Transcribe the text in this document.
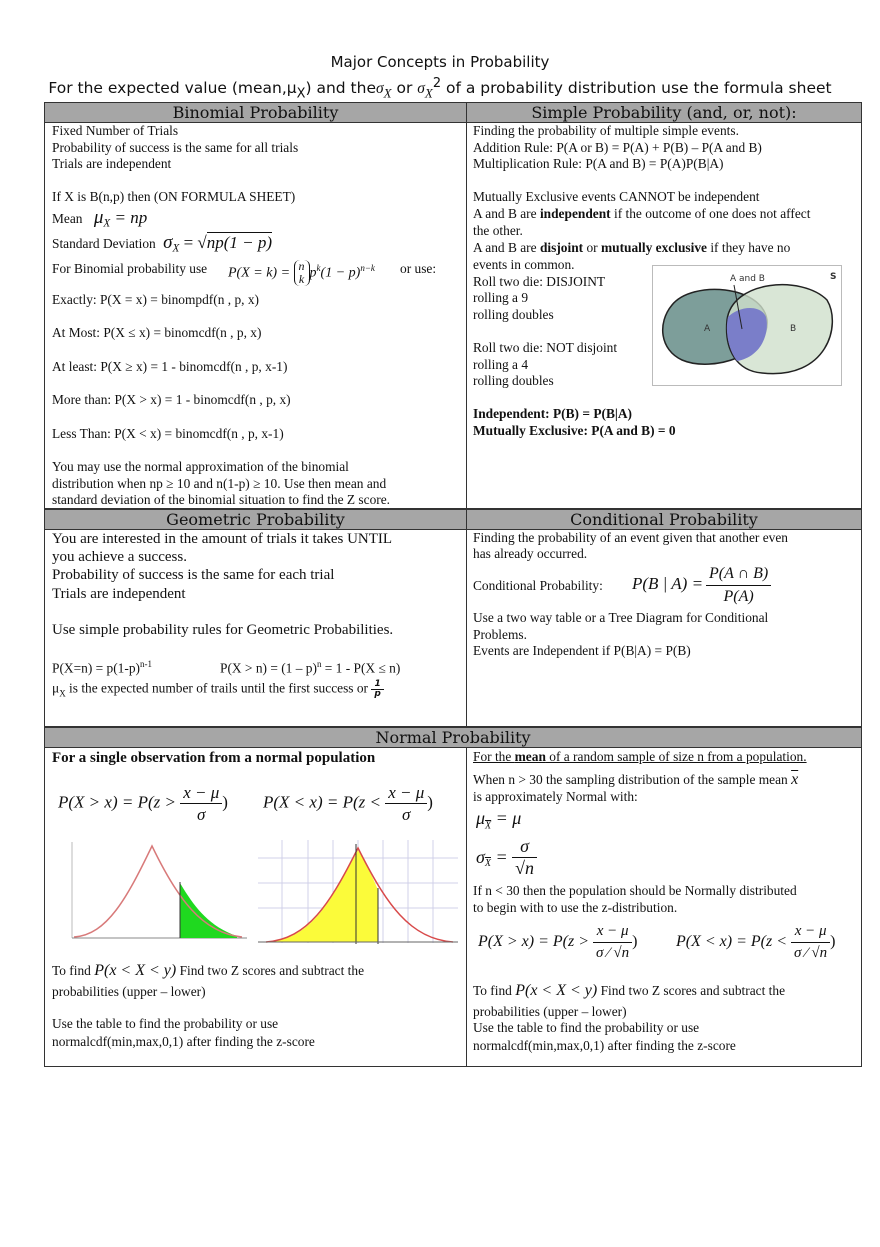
Major Concepts in Probability
For the expected value $(mean,\mu_X)$ and theσ$_X$ or $\sigma_X^2$ of a probability distribution use the formula sheet
Binomial Probability	Simple Probability (and, or, not):
Fixed Number of Trials
Probability of success is the same for all trials
Trials are independent
If X is B(n,p) then (ON FORMULA SHEET)
Mean $\mu_X$ = np
Standard Deviation $\sigma_X = √np(1 - p)$
For Binomial probability use P(X = k) = n
k $p^k(1 - p)^{n-k}$ or use:
Exactly: P(X = x) = binompdf(n , p, x)
At Most: P(X ≤ x) = binomcdf(n , p, x)
At least: P(X ≥ x) = 1 - binomcdf(n , p, x-1)
More than: P(X > x) = 1 - binomcdf(n , p, x)
Less Than: P(X < x) = binomcdf(n , p, x-1)
You may use the normal approximation of the binomial
distribution when np ≥ 10 and n(1-p) ≥ 10. Use then mean and
standard deviation of the binomial situation to find the Z score.
Finding the probability of multiple simple events.
Addition Rule: P(A or B) = P(A) + P(B) – P(A and B)
Multiplication Rule: P(A and B) = P(A)P(B|A)
Mutually Exclusive events CANNOT be independent
A and B are independent if the outcome of one does not affect
the other.
A and B are disjoint or mutually exclusive if they have no
events in common.
Roll two die: DISJOINT
rolling a 9
rolling doubles
Roll two die: NOT disjoint
rolling a 4
rolling doubles
Independent: P(B) = P(B|A)
Mutually Exclusive: P(A and B) = 0
A and B
A	B
S
Geometric Probability	Conditional Probability
You are interested in the amount of trials it takes UNTIL
you achieve a success.
Probability of success is the same for each trial
Trials are independent
Use simple probability rules for Geometric Probabilities.
$P(X=n) = p(1-p)^{n-1}$	P(X > n) = (1 – p)$^n$ = 1 - P(X ≤ n)
$\mu_X$ is the expected number of trails until the first success or $\frac{1}{p}$
Finding the probability of an event given that another even
has already occurred.
Conditional Probability: P(B | $A) = \frac{P(A \cap B)}{P(A)}$
Use a two way table or a Tree Diagram for Conditional
Problems.
Events are Independent if P(B|A) = P(B)
Normal Probability
For a single observation from a normal population
$P(X > x) = P(z > \frac{x - \mu}{\sigma}$ ) $P(X < x) = P(z < \frac{x - \mu}{\sigma}$ )
To find P(x < X < y) Find two Z scores and subtract the
probabilities (upper – lower)
Use the table to find the probability or use
normalcdf(min,max,0,1) after finding the z-score
For the mean of a random sample of size n from a population.
When n > 30 the sampling distribution of the sample mean $\overline{x}$
is approximately Normal with:
$\mu_{\overline{X}} = \mu$
$\sigma_{\overline{X}} = \frac{\sigma}{√n}$
If n < 30 then the population should be Normally distributed
to begin with to use the z-distribution.
$P(X > x) = P(z > \frac{x - \mu}{\sigma ⁄ √n}$ ) $P(X < x) = P(z < \frac{x - \mu}{\sigma ⁄ √n}$ )
To find P(x < X < y) Find two Z scores and subtract the
probabilities (upper – lower)
Use the table to find the probability or use
normalcdf(min,max,0,1) after finding the z-score
